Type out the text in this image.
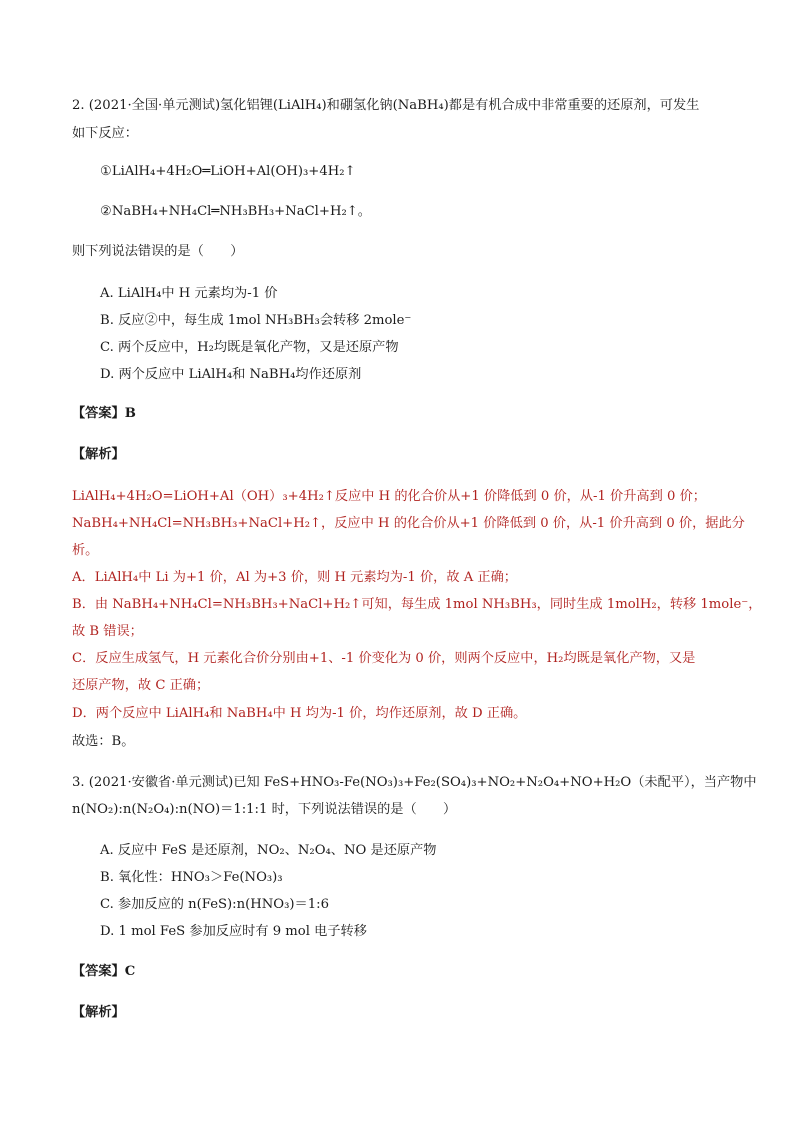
2. (2021·全国·单元测试)氢化铝锂(LiAlH₄)和硼氢化钠(NaBH₄)都是有机合成中非常重要的还原剂，可发生
如下反应：
①LiAlH₄+4H₂O═LiOH+Al(OH)₃+4H₂↑
②NaBH₄+NH₄Cl═NH₃BH₃+NaCl+H₂↑。
则下列说法错误的是（　　）
A. LiAlH₄中 H 元素均为-1 价
B. 反应②中，每生成 1mol NH₃BH₃会转移 2mole⁻
C. 两个反应中，H₂均既是氧化产物，又是还原产物
D. 两个反应中 LiAlH₄和 NaBH₄均作还原剂
【答案】B
【解析】
LiAlH₄+4H₂O=LiOH+Al（OH）₃+4H₂↑反应中 H 的化合价从+1 价降低到 0 价，从-1 价升高到 0 价；
NaBH₄+NH₄Cl=NH₃BH₃+NaCl+H₂↑，反应中 H 的化合价从+1 价降低到 0 价，从-1 价升高到 0 价，据此分
析。
A．LiAlH₄中 Li 为+1 价，Al 为+3 价，则 H 元素均为-1 价，故 A 正确；
B．由 NaBH₄+NH₄Cl=NH₃BH₃+NaCl+H₂↑可知，每生成 1mol NH₃BH₃，同时生成 1molH₂，转移 1mole⁻，
故 B 错误；
C．反应生成氢气，H 元素化合价分别由+1、-1 价变化为 0 价，则两个反应中，H₂均既是氧化产物，又是
还原产物，故 C 正确；
D．两个反应中 LiAlH₄和 NaBH₄中 H 均为-1 价，均作还原剂，故 D 正确。
故选：B。
3. (2021·安徽省·单元测试)已知 FeS+HNO₃-Fe(NO₃)₃+Fe₂(SO₄)₃+NO₂+N₂O₄+NO+H₂O（未配平），当产物中
n(NO₂):n(N₂O₄):n(NO)＝1:1:1 时，下列说法错误的是（　　）
A. 反应中 FeS 是还原剂，NO₂、N₂O₄、NO 是还原产物
B. 氧化性：HNO₃＞Fe(NO₃)₃
C. 参加反应的 n(FeS):n(HNO₃)＝1:6
D. 1 mol FeS 参加反应时有 9 mol 电子转移
【答案】C
【解析】
